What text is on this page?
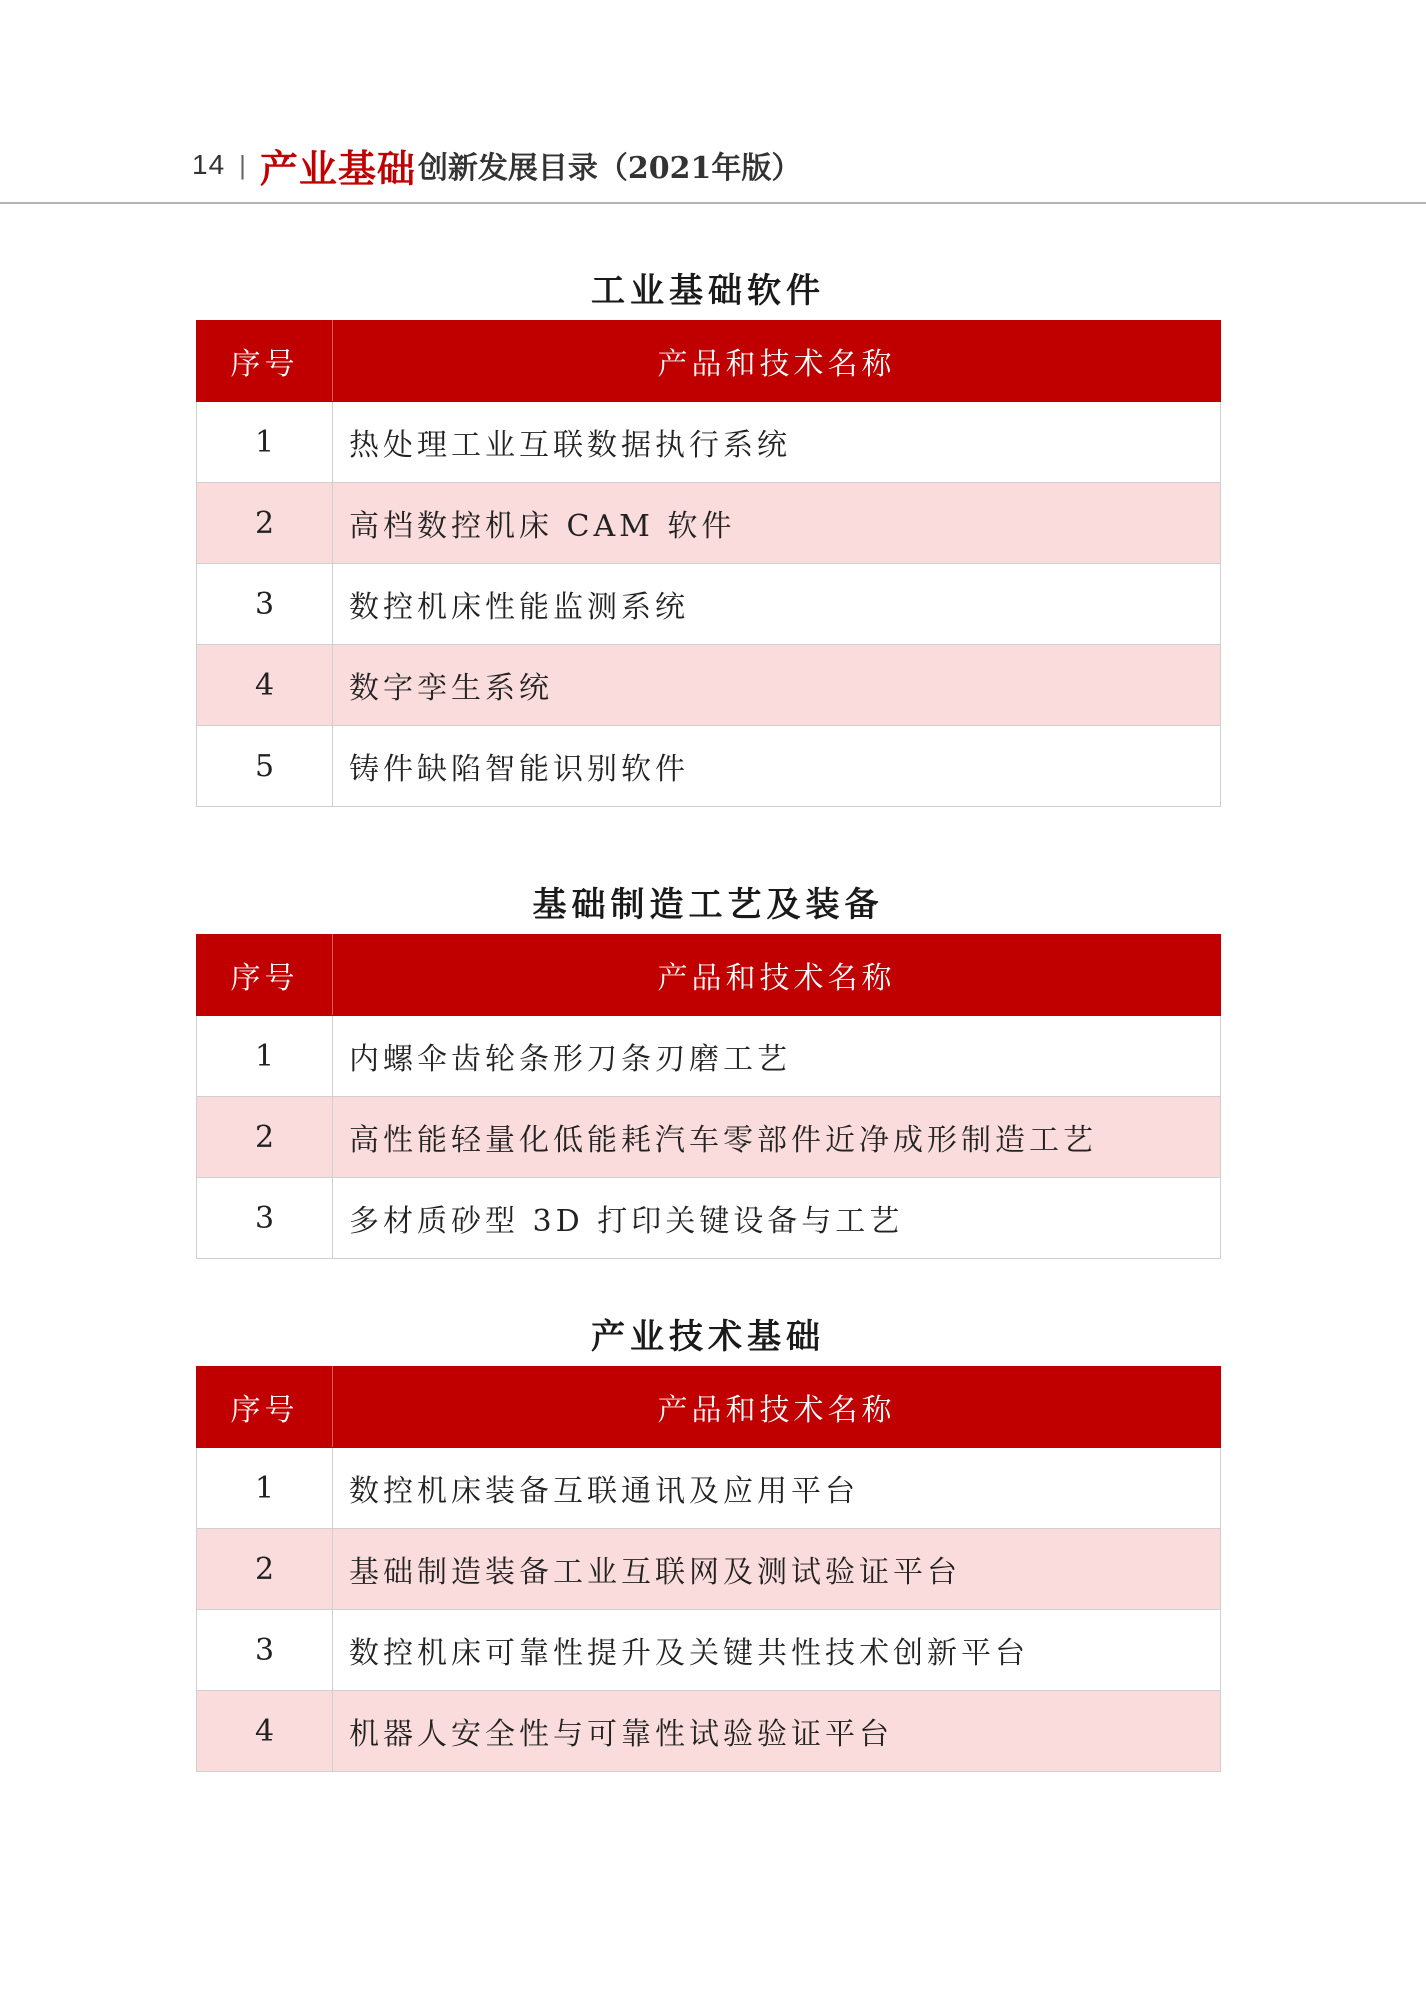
14 | 产业基础 创新发展目录（2021年版）
工业基础软件
序号	产品和技术名称
1	热处理工业互联数据执行系统
2	高档数控机床 CAM 软件
3	数控机床性能监测系统
4	数字孪生系统
5	铸件缺陷智能识别软件
基础制造工艺及装备
序号	产品和技术名称
1	内螺伞齿轮条形刀条刃磨工艺
2	高性能轻量化低能耗汽车零部件近净成形制造工艺
3	多材质砂型 3D 打印关键设备与工艺
产业技术基础
序号	产品和技术名称
1	数控机床装备互联通讯及应用平台
2	基础制造装备工业互联网及测试验证平台
3	数控机床可靠性提升及关键共性技术创新平台
4	机器人安全性与可靠性试验验证平台
